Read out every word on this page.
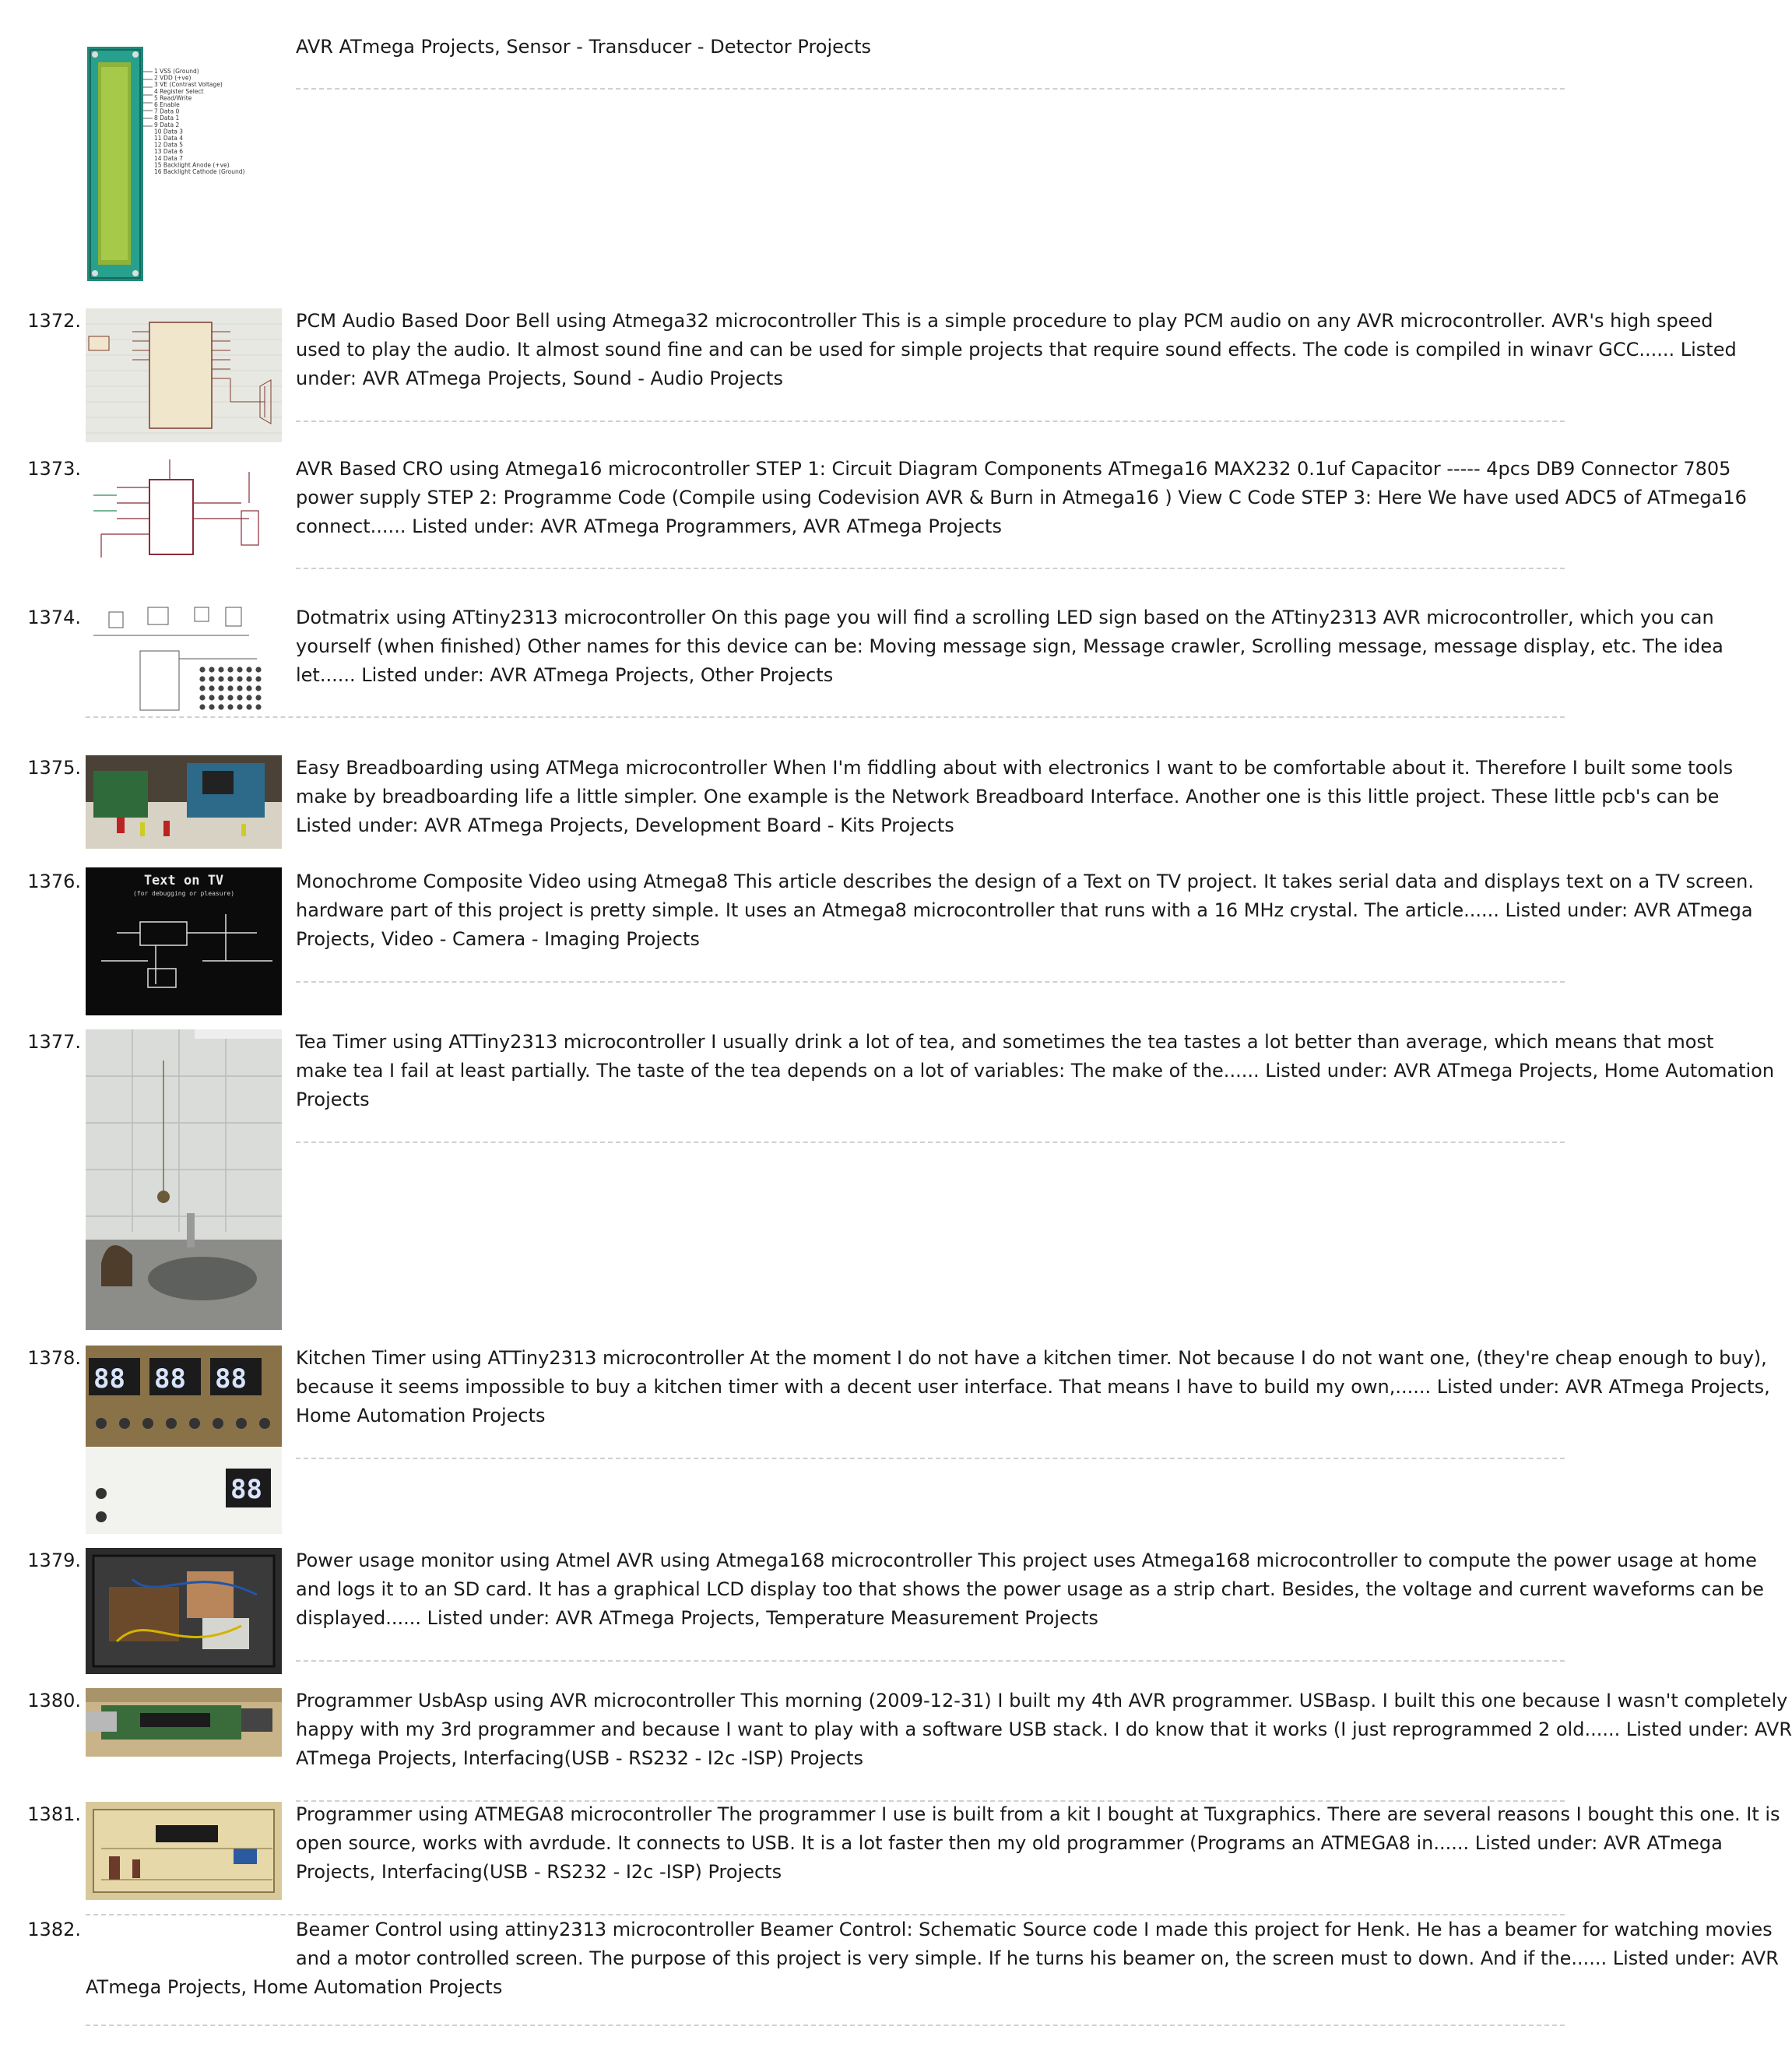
1 VSS (Ground)
2 VDD (+ve)
3 VE (Contrast Voltage)
4 Register Select
5 Read/Write
6 Enable
7 Data 0
8 Data 1
9 Data 2
10 Data 3
11 Data 4
12 Data 5
13 Data 6
14 Data 7
15 Backlight Anode (+ve)
16 Backlight Cathode (Ground)
AVR ATmega Projects, Sensor - Transducer - Detector Projects
1372.	PCM Audio Based Door Bell using Atmega32 microcontroller This is a simple procedure to play PCM audio on any AVR microcontroller. AVR's high speed
used to play the audio. It almost sound fine and can be used for simple projects that require sound effects. The code is compiled in winavr GCC...... Listed
under: AVR ATmega Projects, Sound - Audio Projects
1373.	AVR Based CRO using Atmega16 microcontroller STEP 1: Circuit Diagram Components ATmega16 MAX232 0.1uf Capacitor ----- 4pcs DB9 Connector 7805
power supply STEP 2: Programme Code (Compile using Codevision AVR & Burn in Atmega16 ) View C Code STEP 3: Here We have used ADC5 of ATmega16
connect...... Listed under: AVR ATmega Programmers, AVR ATmega Projects
1374.	Dotmatrix using ATtiny2313 microcontroller On this page you will find a scrolling LED sign based on the ATtiny2313 AVR microcontroller, which you can
yourself (when finished) Other names for this device can be: Moving message sign, Message crawler, Scrolling message, message display, etc. The idea
let...... Listed under: AVR ATmega Projects, Other Projects
1375.	Easy Breadboarding using ATMega microcontroller When I'm fiddling about with electronics I want to be comfortable about it. Therefore I built some tools
make by breadboarding life a little simpler. One example is the Network Breadboard Interface. Another one is this little project. These little pcb's can be
Listed under: AVR ATmega Projects, Development Board - Kits Projects
1376.	Text on TV
(for debugging or pleasure)
Monochrome Composite Video using Atmega8 This article describes the design of a Text on TV project. It takes serial data and displays text on a TV screen.
hardware part of this project is pretty simple. It uses an Atmega8 microcontroller that runs with a 16 MHz crystal. The article...... Listed under: AVR ATmega
Projects, Video - Camera - Imaging Projects
1377.	Tea Timer using ATTiny2313 microcontroller I usually drink a lot of tea, and sometimes the tea tastes a lot better than average, which means that most
make tea I fail at least partially. The taste of the tea depends on a lot of variables: The make of the...... Listed under: AVR ATmega Projects, Home Automation
Projects
1378.
88 88 88
88
Kitchen Timer using ATTiny2313 microcontroller At the moment I do not have a kitchen timer. Not because I do not want one, (they're cheap enough to buy),
because it seems impossible to buy a kitchen timer with a decent user interface. That means I have to build my own,...... Listed under: AVR ATmega Projects,
Home Automation Projects
1379.	Power usage monitor using Atmel AVR using Atmega168 microcontroller This project uses Atmega168 microcontroller to compute the power usage at home
and logs it to an SD card. It has a graphical LCD display too that shows the power usage as a strip chart. Besides, the voltage and current waveforms can be
displayed...... Listed under: AVR ATmega Projects, Temperature Measurement Projects
1380.	Programmer UsbAsp using AVR microcontroller This morning (2009-12-31) I built my 4th AVR programmer. USBasp. I built this one because I wasn't completely
happy with my 3rd programmer and because I want to play with a software USB stack. I do know that it works (I just reprogrammed 2 old...... Listed under: AVR
ATmega Projects, Interfacing(USB - RS232 - I2c -ISP) Projects
1381.	Programmer using ATMEGA8 microcontroller The programmer I use is built from a kit I bought at Tuxgraphics. There are several reasons I bought this one. It is
open source, works with avrdude. It connects to USB. It is a lot faster then my old programmer (Programs an ATMEGA8 in...... Listed under: AVR ATmega
Projects, Interfacing(USB - RS232 - I2c -ISP) Projects
1382.	Beamer Control using attiny2313 microcontroller Beamer Control: Schematic Source code I made this project for Henk. He has a beamer for watching movies
and a motor controlled screen. The purpose of this project is very simple. If he turns his beamer on, the screen must to down. And if the...... Listed under: AVR
ATmega Projects, Home Automation Projects
